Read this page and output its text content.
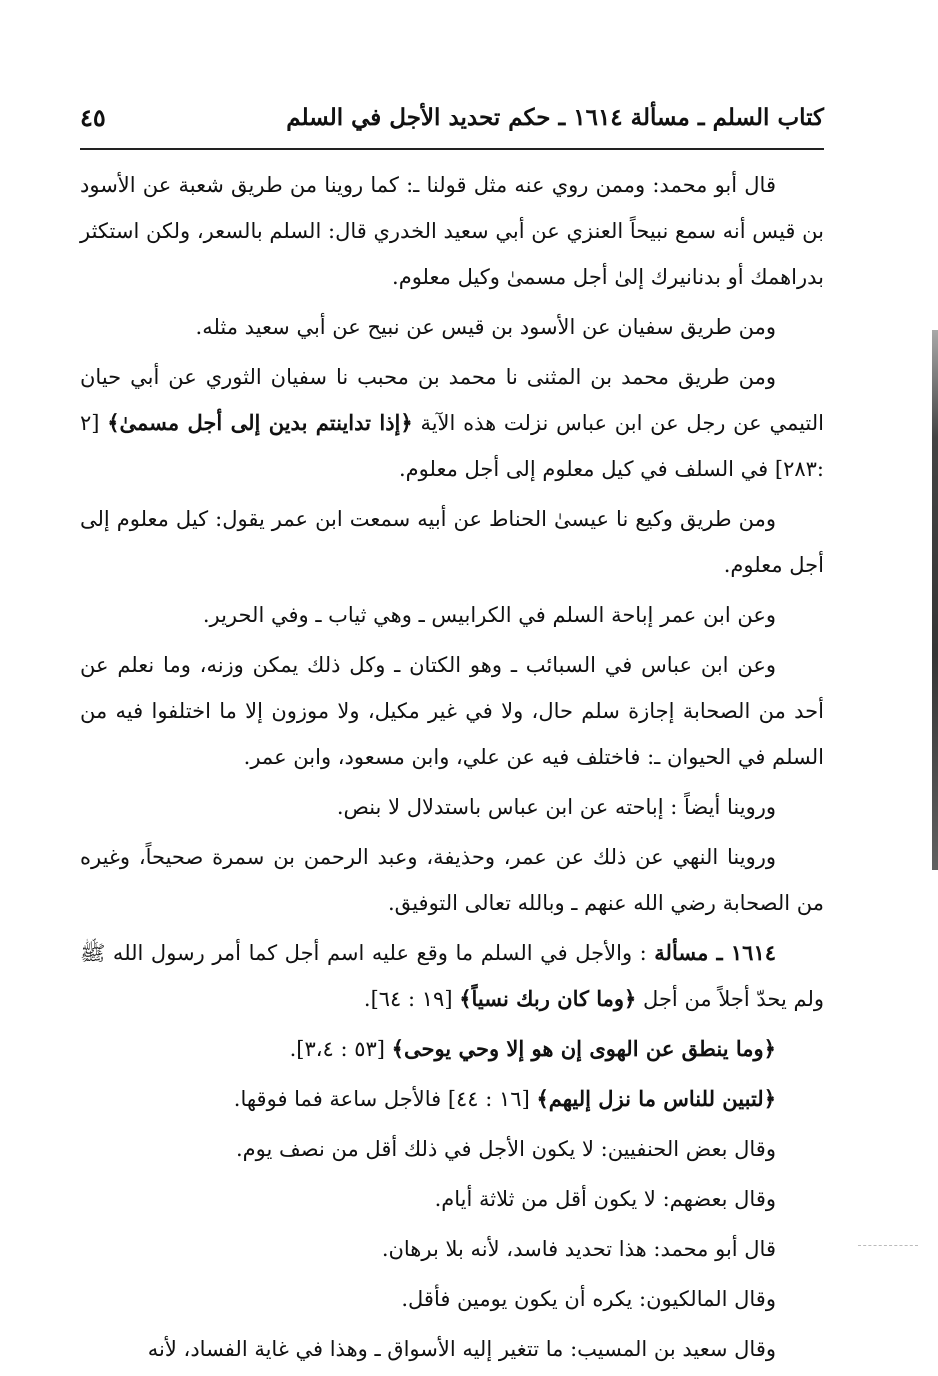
كتاب السلم ـ مسألة ١٦١٤ ـ حكم تحديد الأجل في السلم
٤٥

قال أبو محمد: وممن روي عنه مثل قولنا ـ: كما روينا من طريق شعبة عن الأسود بن قيس أنه سمع نبيحاً العنزي عن أبي سعيد الخدري قال: السلم بالسعر، ولكن استكثر بدراهمك أو بدنانيرك إلىٰ أجل مسمىٰ وكيل معلوم.

ومن طريق سفيان عن الأسود بن قيس عن نبيح عن أبي سعيد مثله.

ومن طريق محمد بن المثنى نا محمد بن محبب نا سفيان الثوري عن أبي حيان التيمي عن رجل عن ابن عباس نزلت هذه الآية ﴿إذا تداينتم بدين إلى أجل مسمىٰ﴾ [٢ :٢٨٣] في السلف في كيل معلوم إلى أجل معلوم.

ومن طريق وكيع نا عيسىٰ الحناط عن أبيه سمعت ابن عمر يقول: كيل معلوم إلى أجل معلوم.

وعن ابن عمر إباحة السلم في الكرابيس ـ وهي ثياب ـ وفي الحرير.

وعن ابن عباس في السبائب ـ وهو الكتان ـ وكل ذلك يمكن وزنه، وما نعلم عن أحد من الصحابة إجازة سلم حال، ولا في غير مكيل، ولا موزون إلا ما اختلفوا فيه من السلم في الحيوان ـ: فاختلف فيه عن علي، وابن مسعود، وابن عمر.

وروينا أيضاً : إباحته عن ابن عباس باستدلال لا بنص.

وروينا النهي عن ذلك عن عمر، وحذيفة، وعبد الرحمن بن سمرة صحيحاً، وغيره من الصحابة رضي الله عنهم ـ وبالله تعالى التوفيق.

١٦١٤ ـ مسألة : والأجل في السلم ما وقع عليه اسم أجل كما أمر رسول الله ﷺ ولم يحدّ أجلاً من أجل ﴿وما كان ربك نسياً﴾ [١٩ : ٦٤].

﴿وما ينطق عن الهوى إن هو إلا وحي يوحى﴾ [٥٣ : ٣،٤].

﴿لتبين للناس ما نزل إليهم﴾ [١٦ : ٤٤] فالأجل ساعة فما فوقها.

وقال بعض الحنفيين: لا يكون الأجل في ذلك أقل من نصف يوم.

وقال بعضهم: لا يكون أقل من ثلاثة أيام.

قال أبو محمد: هذا تحديد فاسد، لأنه بلا برهان.

وقال المالكيون: يكره أن يكون يومين فأقل.

وقال سعيد بن المسيب: ما تتغير إليه الأسواق ـ وهذا في غاية الفساد، لأنه
